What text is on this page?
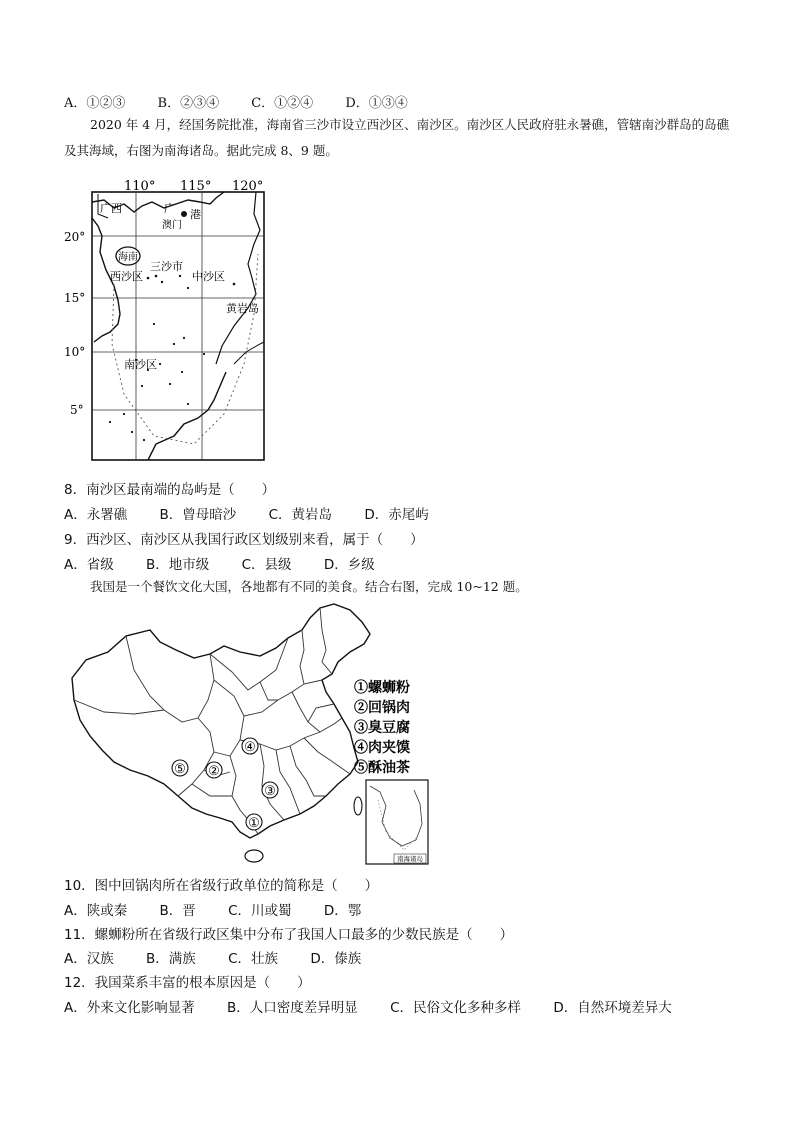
A．①②③ B．②③④ C．①②④ D．①③④
2020 年 4 月，经国务院批准，海南省三沙市设立西沙区、南沙区。南沙区人民政府驻永暑礁，管辖南沙群岛的岛礁及其海域，右图为南海诸岛。据此完成 8、9 题。
110° 115° 120°
20°
15°
10°
5°
广西	广 港
澳门
海南
三沙市
西沙区	中沙区
黄岩岛
南沙区
8．南沙区最南端的岛屿是（　　）
A．永署礁 B．曾母暗沙 C．黄岩岛 D．赤尾屿
9．西沙区、南沙区从我国行政区划级别来看，属于（　　）
A．省级 B．地市级 C．县级 D．乡级
我国是一个餐饮文化大国，各地都有不同的美食。结合右图，完成 10~12 题。
⑤ ②
④
③
①
①螺蛳粉
②回锅肉
③臭豆腐
④肉夹馍
⑤酥油茶
南海诸岛
10．图中回锅肉所在省级行政单位的简称是（　　）
A．陕或秦 B．晋 C．川或蜀 D．鄂
11．螺蛳粉所在省级行政区集中分布了我国人口最多的少数民族是（　　）
A．汉族 B．满族 C．壮族 D．傣族
12．我国菜系丰富的根本原因是（　　）
A．外来文化影响显著 B．人口密度差异明显 C．民俗文化多种多样 D．自然环境差异大
